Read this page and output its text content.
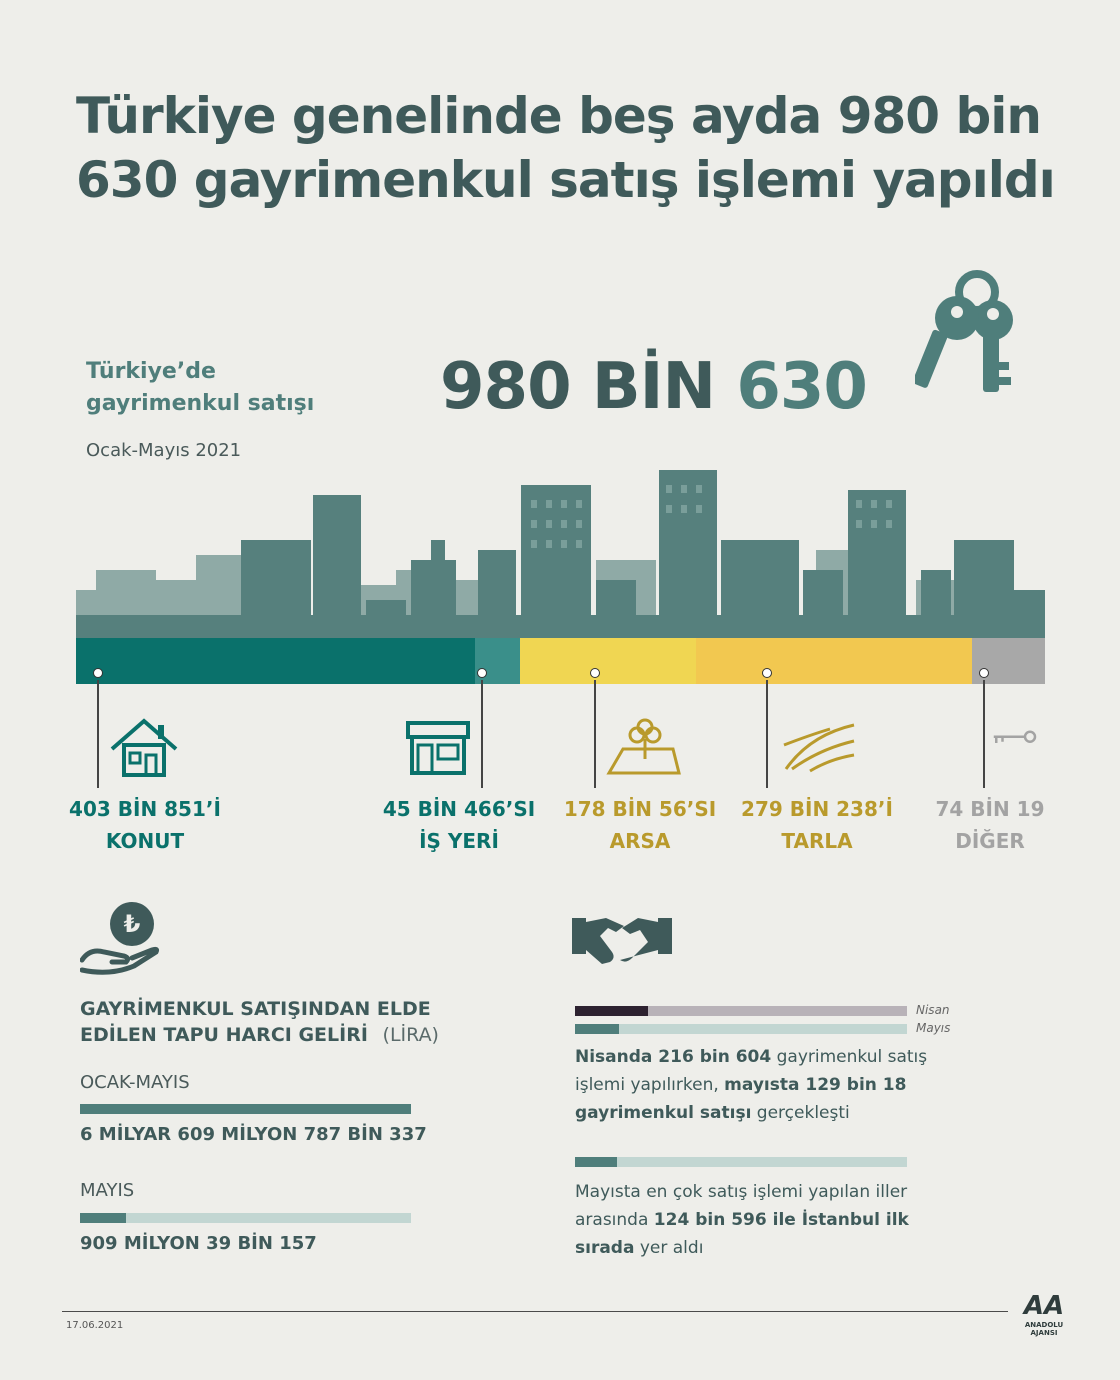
Türkiye genelinde beş ayda 980 bin 630 gayrimenkul satış işlemi yapıldı
Türkiye’de
gayrimenkul satışı
Ocak-Mayıs 2021
980 BİN 630
403 BİN 851’İ
KONUT
45 BİN 466’SI
İŞ YERİ
178 BİN 56’SI
ARSA
279 BİN 238’İ
TARLA
74 BİN 19
DİĞER
₺
GAYRİMENKUL SATIŞINDAN ELDE
EDİLEN TAPU HARCI GELİRİ (LİRA)
OCAK-MAYIS
6 MİLYAR 609 MİLYON 787 BİN 337
MAYIS
909 MİLYON 39 BİN 157
Nisan
Mayıs
Nisanda 216 bin 604 gayrimenkul satış işlemi yapılırken, mayısta 129 bin 18 gayrimenkul satışı gerçekleşti
Mayısta en çok satış işlemi yapılan iller arasında 124 bin 596 ile İstanbul ilk sırada yer aldı
17.06.2021
AA
ANADOLU AJANSI
